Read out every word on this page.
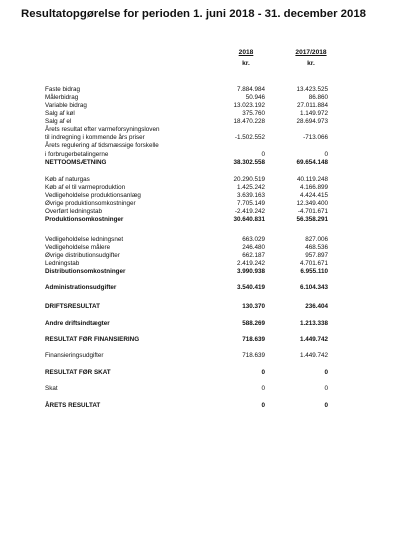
Resultatopgørelse for perioden 1. juni 2018 - 31. december 2018
2018
kr.
2017/2018
kr.
Faste bidrag	7.884.984	13.423.525
Målerbidrag	50.946	86.860
Variable bidrag	13.023.192	27.011.884
Salg af køl	375.760	1.149.972
Salg af el	18.470.228	28.694.973
Årets resultat efter varmeforsyningsloven
til indregning i kommende års priser	-1.502.552	-713.066
Årets regulering af tidsmæssige forskelle
i forbrugerbetalingerne	0	0
NETTOOMSÆTNING	38.302.558	69.654.148
Køb af naturgas	20.290.519	40.119.248
Køb af el til varmeproduktion	1.425.242	4.166.899
Vedligeholdelse produktionsanlæg	3.639.163	4.424.415
Øvrige produktionsomkostninger	7.705.149	12.349.400
Overført ledningstab	-2.419.242	-4.701.671
Produktionsomkostninger	30.640.831	56.358.291
Vedligeholdelse ledningsnet	663.029	827.006
Vedligeholdelse målere	246.480	468.536
Øvrige distributionsudgifter	662.187	957.897
Ledningstab	2.419.242	4.701.671
Distributionsomkostninger	3.990.938	6.955.110
Administrationsudgifter	3.540.419	6.104.343
DRIFTSRESULTAT	130.370	236.404
Andre driftsindtægter	588.269	1.213.338
RESULTAT FØR FINANSIERING	718.639	1.449.742
Finansieringsudgifter	718.639	1.449.742
RESULTAT FØR SKAT	0	0
Skat	0	0
ÅRETS RESULTAT	0	0
